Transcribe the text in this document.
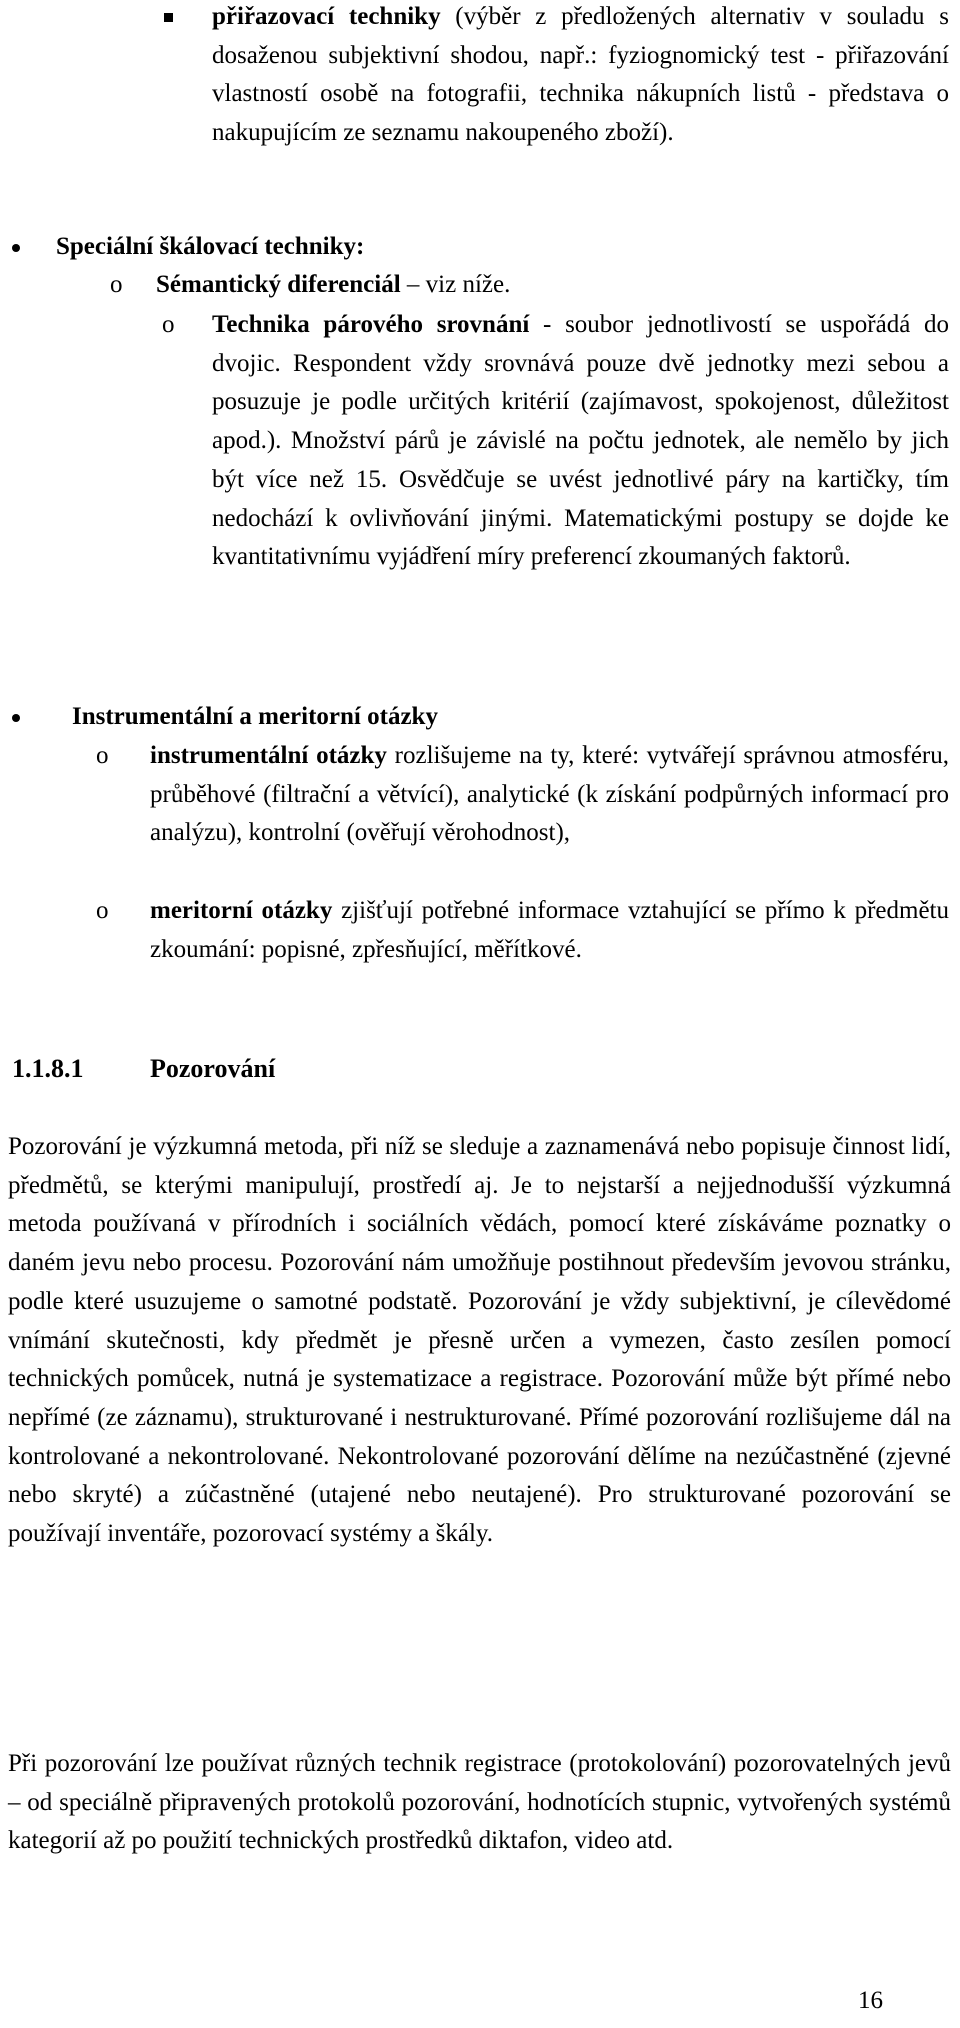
přiřazovací techniky (výběr z předložených alternativ v souladu s dosaženou subjektivní shodou, např.: fyziognomický test - přiřazování vlastností osobě na fotografii, technika nákupních listů - představa o nakupujícím ze seznamu nakoupeného zboží).
Speciální škálovací techniky:
o Sémantický diferenciál – viz níže.
o Technika párového srovnání - soubor jednotlivostí se uspořádá do dvojic. Respondent vždy srovnává pouze dvě jednotky mezi sebou a posuzuje je podle určitých kritérií (zajímavost, spokojenost, důležitost apod.). Množství párů je závislé na počtu jednotek, ale nemělo by jich být více než 15. Osvědčuje se uvést jednotlivé páry na kartičky, tím nedochází k ovlivňování jinými. Matematickými postupy se dojde ke kvantitativnímu vyjádření míry preferencí zkoumaných faktorů.
Instrumentální a meritorní otázky
o instrumentální otázky rozlišujeme na ty, které: vytvářejí správnou atmosféru, průběhové (filtrační a větvící), analytické (k získání podpůrných informací pro analýzu), kontrolní (ověřují věrohodnost),
o meritorní otázky zjišťují potřebné informace vztahující se přímo k předmětu zkoumání: popisné, zpřesňující, měřítkové.
1.1.8.1	Pozorování
Pozorování je výzkumná metoda, při níž se sleduje a zaznamenává nebo popisuje činnost lidí, předmětů, se kterými manipulují, prostředí aj. Je to nejstarší a nejjednodušší výzkumná metoda používaná v přírodních i sociálních vědách, pomocí které získáváme poznatky o daném jevu nebo procesu. Pozorování nám umožňuje postihnout především jevovou stránku, podle které usuzujeme o samotné podstatě. Pozorování je vždy subjektivní, je cílevědomé vnímání skutečnosti, kdy předmět je přesně určen a vymezen, často zesílen pomocí technických pomůcek, nutná je systematizace a registrace. Pozorování může být přímé nebo nepřímé (ze záznamu), strukturované i nestrukturované. Přímé pozorování rozlišujeme dál na kontrolované a nekontrolované. Nekontrolované pozorování dělíme na nezúčastněné (zjevné nebo skryté) a zúčastněné (utajené nebo neutajené). Pro strukturované pozorování se používají inventáře, pozorovací systémy a škály.
Při pozorování lze používat různých technik registrace (protokolování) pozorovatelných jevů – od speciálně připravených protokolů pozorování, hodnotících stupnic, vytvořených systémů kategorií až po použití technických prostředků diktafon, video atd.
16
